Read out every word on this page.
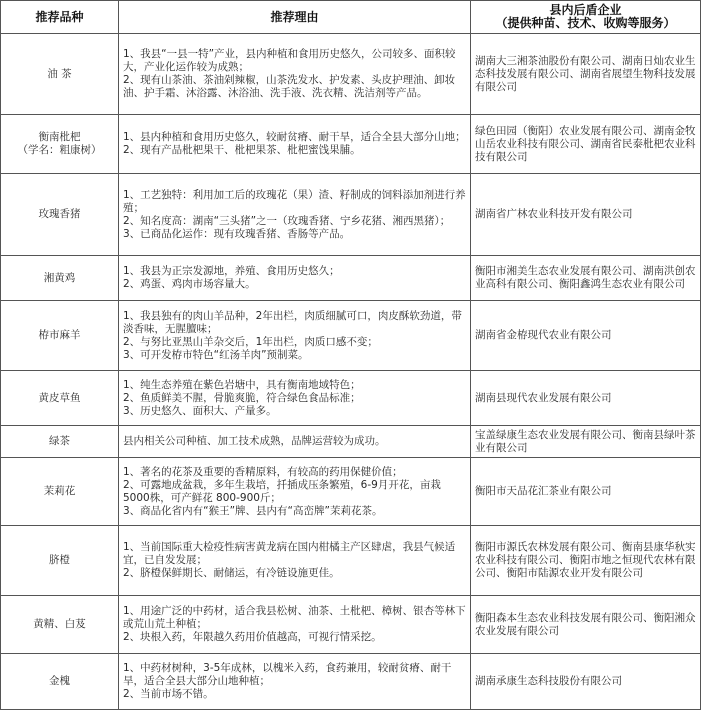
推荐品种	推荐理由	县内后盾企业
（提供种苗、技术、收购等服务）

油 茶	1、我县“一县一特”产业，县内种植和食用历史悠久，公司较多、面积较大，产业化运作较为成熟；
2、现有山茶油、茶油剁辣椒，山茶洗发水、护发素、头皮护理油、卸妆油、护手霜、沐浴露、沐浴油、洗手液、洗衣精、洗洁剂等产品。	湖南大三湘茶油股份有限公司、湖南日灿农业生态科技发展有限公司、湖南省展望生物科技发展有限公司

衡南枇杷
（学名：粗康树）	1、县内种植和食用历史悠久，较耐贫瘠、耐干旱，适合全县大部分山地；
2、现有产品枇杷果干、枇杷果茶、枇杷蜜饯果脯。	绿色田园（衡阳）农业发展有限公司、湖南金牧山岳农业科技有限公司、湖南省民泰枇杷农业科技有限公司
玫瑰香猪	1、工艺独特：利用加工后的玫瑰花（果）渣、籽制成的饲料添加剂进行养殖；
2、知名度高：湖南“三头猪”之一（玫瑰香猪、宁乡花猪、湘西黑猪）；
3、已商品化运作：现有玫瑰香猪、香肠等产品。	湖南省广林农业科技开发有限公司
湘黄鸡	1、我县为正宗发源地，养殖、食用历史悠久；
2、鸡蛋、鸡肉市场容量大。	衡阳市湘美生态农业发展有限公司、湖南洪创农业高科有限公司、衡阳鑫鸿生态农业有限公司
栫市麻羊	1、我县独有的肉山羊品种，2年出栏，肉质细腻可口，肉皮酥软劲道，带淡香味，无腥膻味；
2、与努比亚黑山羊杂交后，1年出栏，肉质口感不变；
3、可开发栫市特色“红汤羊肉”预制菜。	湖南省金栫现代农业有限公司
黄皮草鱼	1、纯生态养殖在紫色岩塘中，具有衡南地域特色；
2、鱼质鲜美不腥，骨脆爽脆，符合绿色食品标准；
3、历史悠久、面积大、产量多。	湖南县现代农业发展有限公司
绿茶	县内相关公司种植、加工技术成熟，品牌运营较为成功。	宝盖绿康生态农业发展有限公司、衡南县绿叶茶业有限公司
茉莉花	1、著名的花茶及重要的香精原料，有较高的药用保健价值；
2、可露地成盆栽，多年生栽培，扦插成压条繁殖，6-9月开花，亩栽5000株，可产鲜花 800-900斤；
3、商品化省内有“猴王”牌、县内有“高峦牌”茉莉花茶。	衡阳市天品花汇茶业有限公司
脐橙	1、当前国际重大检疫性病害黄龙病在国内柑橘主产区肆虐，我县气候适宜，已自发发展；
2、脐橙保鲜期长、耐储运，有冷链设施更佳。	衡阳市源氏农林发展有限公司、衡南县康华秋实农业科技有限公司、衡阳市地之恒现代农林有限公司、衡阳市陆源农业开发有限公司
黄精、白芨	1、用途广泛的中药材，适合我县松树、油茶、土枇杷、樟树、银杏等林下或荒山荒土种植；
2、块根入药，年限越久药用价值越高，可视行情采挖。	衡阳森本生态农业科技发展有限公司、衡阳湘众农业发展有限公司
金槐	1、中药材树种，3-5年成林，以槐米入药，食药兼用，较耐贫瘠、耐干旱，适合全县大部分山地种植；
2、当前市场不错。	湖南承康生态科技股份有限公司
